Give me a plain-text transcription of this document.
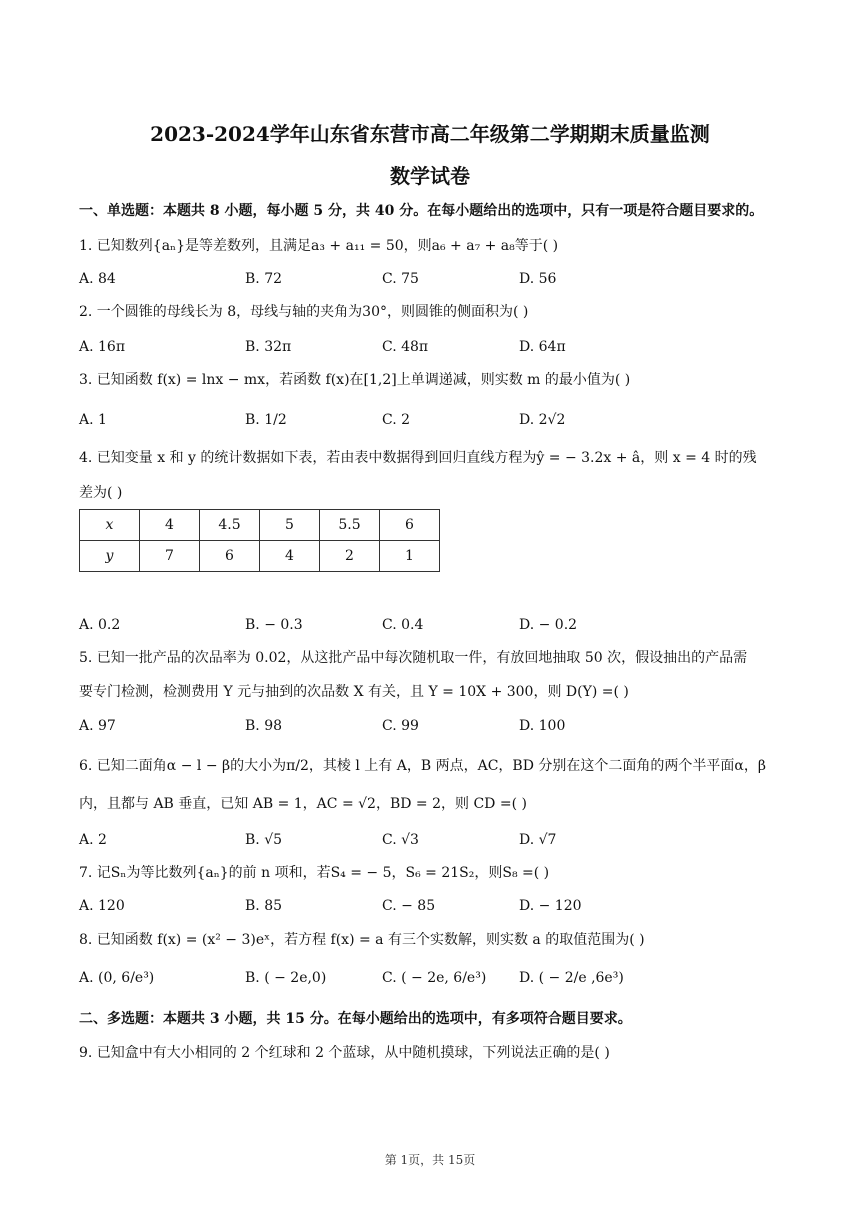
2023-2024学年山东省东营市高二年级第二学期期末质量监测
数学试卷
一、单选题：本题共 8 小题，每小题 5 分，共 40 分。在每小题给出的选项中，只有一项是符合题目要求的。
1. 已知数列{aₙ}是等差数列，且满足a₃ + a₁₁ = 50，则a₆ + a₇ + a₈等于( )
A. 84	B. 72	C. 75	D. 56
2. 一个圆锥的母线长为 8，母线与轴的夹角为30°，则圆锥的侧面积为( )
A. 16π	B. 32π	C. 48π	D. 64π
3. 已知函数 f(x) = lnx − mx，若函数 f(x)在[1,2]上单调递减，则实数 m 的最小值为( )
A. 1	B. 1/2	C. 2	D. 2√2
4. 已知变量 x 和 y 的统计数据如下表，若由表中数据得到回归直线方程为ŷ = − 3.2x + â，则 x = 4 时的残
差为( )
x	4	4.5	5	5.5	6
y	7	6	4	2	1
A. 0.2	B. − 0.3	C. 0.4	D. − 0.2
5. 已知一批产品的次品率为 0.02，从这批产品中每次随机取一件，有放回地抽取 50 次，假设抽出的产品需
要专门检测，检测费用 Y 元与抽到的次品数 X 有关，且 Y = 10X + 300，则 D(Y) =( )
A. 97	B. 98	C. 99	D. 100
6. 已知二面角α − l − β的大小为π/2，其棱 l 上有 A，B 两点，AC，BD 分别在这个二面角的两个半平面α，β
内，且都与 AB 垂直，已知 AB = 1，AC = √2，BD = 2，则 CD =( )
A. 2	B. √5	C. √3	D. √7
7. 记Sₙ为等比数列{aₙ}的前 n 项和，若S₄ = − 5，S₆ = 21S₂，则S₈ =( )
A. 120	B. 85	C. − 85	D. − 120
8. 已知函数 f(x) = (x² − 3)eˣ，若方程 f(x) = a 有三个实数解，则实数 a 的取值范围为( )
A. (0, 6/e³)	B. ( − 2e,0)	C. ( − 2e, 6/e³) D. ( − 2/e ,6e³)
二、多选题：本题共 3 小题，共 15 分。在每小题给出的选项中，有多项符合题目要求。
9. 已知盒中有大小相同的 2 个红球和 2 个蓝球，从中随机摸球，下列说法正确的是( )
第 1页，共 15页
